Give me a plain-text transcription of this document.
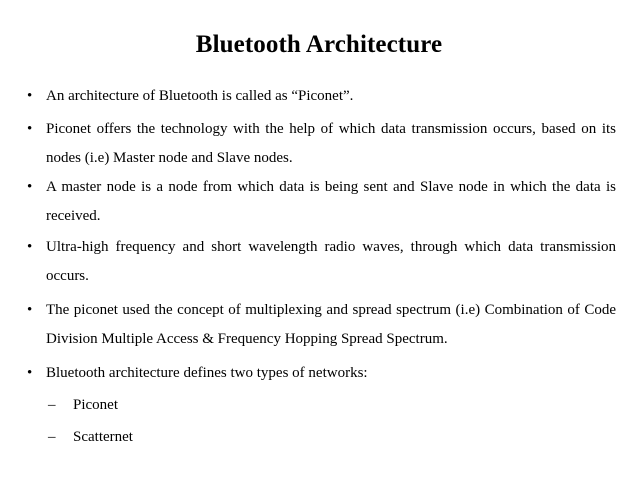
Bluetooth Architecture
• An architecture of Bluetooth is called as “Piconet”.
• Piconet offers the technology with the help of which data transmission occurs, based on its nodes (i.e) Master node and Slave nodes.
• A master node is a node from which data is being sent and Slave node in which the data is received.
• Ultra-high frequency and short wavelength radio waves, through which data transmission occurs.
• The piconet used the concept of multiplexing and spread spectrum (i.e) Combination of Code Division Multiple Access & Frequency Hopping Spread Spectrum.
• Bluetooth architecture defines two types of networks:
– Piconet
– Scatternet
